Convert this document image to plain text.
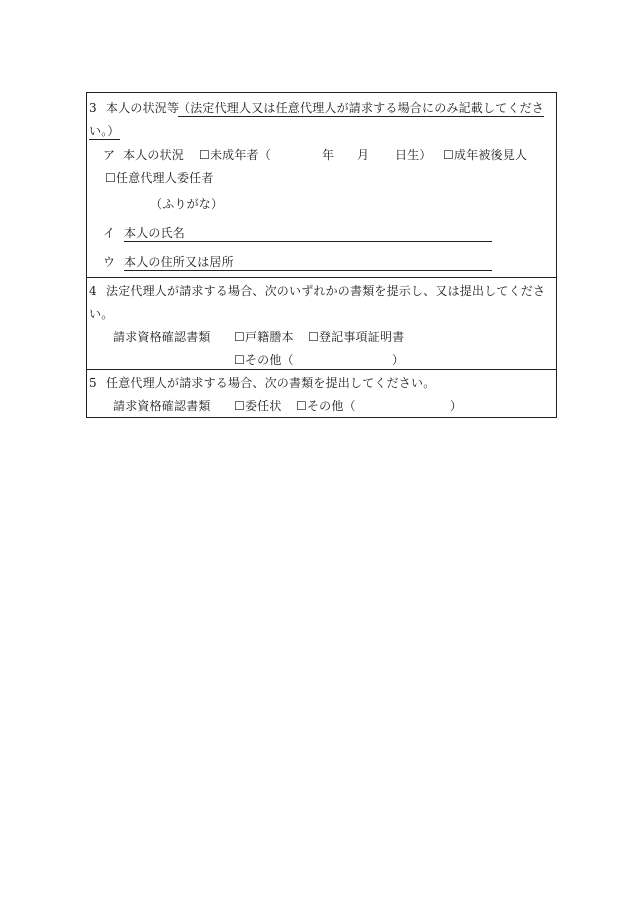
3 本人の状況等
（法定代理人又は任意代理人が請求する場合にのみ記載してくださ
い。）
ア 本人の状況 ☐未成年者（	年 月 日生） ☐成年被後見人
☐任意代理人委任者
（ふりがな）
イ 本人の氏名
ウ 本人の住所又は居所
4 法定代理人が請求する場合、次のいずれかの書類を提示し、又は提出してくださ
い。
請求資格確認書類 ☐戸籍謄本 ☐登記事項証明書
☐その他（	）
5 任意代理人が請求する場合、次の書類を提出してください。
請求資格確認書類 ☐委任状 ☐その他（	）
